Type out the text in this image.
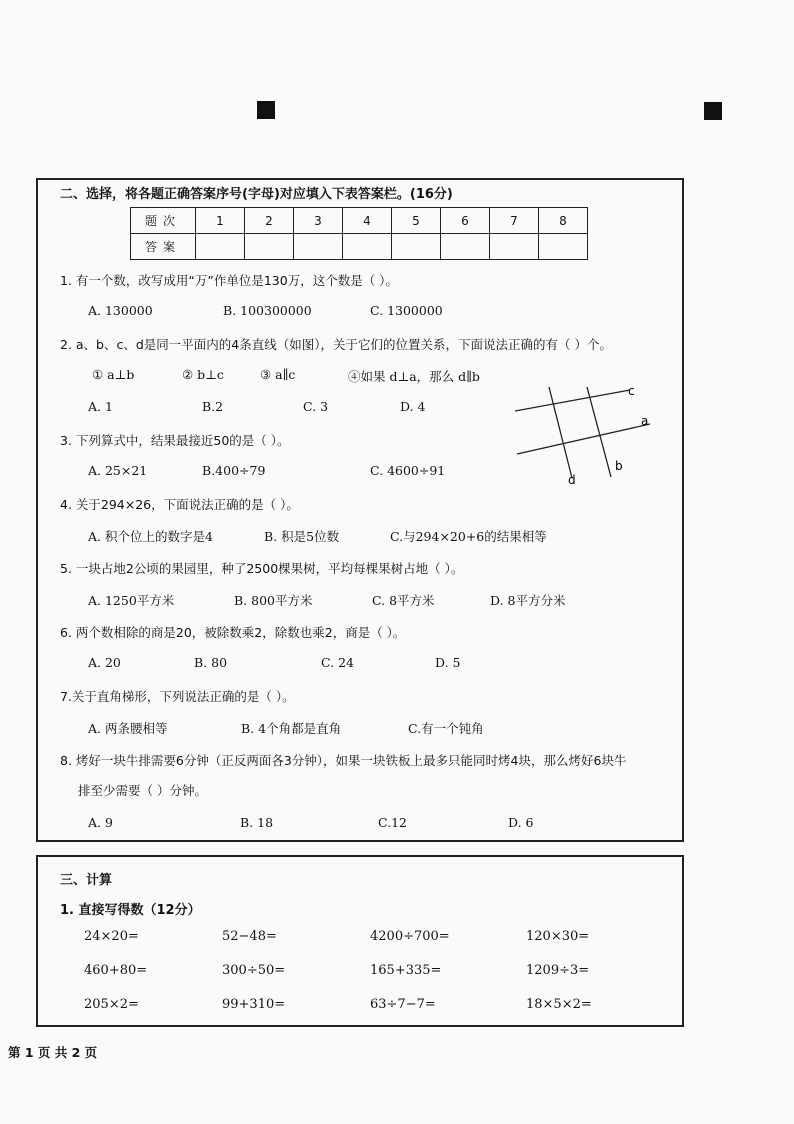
二、选择，将各题正确答案序号(字母)对应填入下表答案栏。(16分)
题次	1	2	3	4	5	6	7	8
答案								
1. 有一个数，改写成用“万”作单位是130万，这个数是（ ）。
A. 130000	B. 100300000	C. 1300000
2. a、b、c、d是同一平面内的4条直线（如图），关于它们的位置关系，下面说法正确的有（ ）个。
① a⊥b	② b⊥c	③ a∥c	④如果 d⊥a，那么 d∥b
A. 1	B.2	C. 3	D. 4
c
a
b
d
3. 下列算式中，结果最接近50的是（ ）。
A. 25×21	B.400÷79	C. 4600÷91
4. 关于294×26，下面说法正确的是（ ）。
A. 积个位上的数字是4	B. 积是5位数	C.与294×20+6的结果相等
5. 一块占地2公顷的果园里，种了2500棵果树，平均每棵果树占地（ ）。
A. 1250平方米	B. 800平方米	C. 8平方米	D. 8平方分米
6. 两个数相除的商是20，被除数乘2，除数也乘2，商是（ ）。
A. 20	B. 80	C. 24	D. 5
7.关于直角梯形，下列说法正确的是（ ）。
A. 两条腰相等	B. 4个角都是直角	C.有一个钝角
8. 烤好一块牛排需要6分钟（正反两面各3分钟），如果一块铁板上最多只能同时烤4块，那么烤好6块牛
排至少需要（ ）分钟。
A. 9	B. 18	C.12	D. 6
三、计算
1. 直接写得数（12分）
24×20=	52−48=	4200÷700=	120×30=
460+80=	300÷50=	165+335=	1209÷3=
205×2=	99+310=	63÷7−7=	18×5×2=
第 1 页 共 2 页
